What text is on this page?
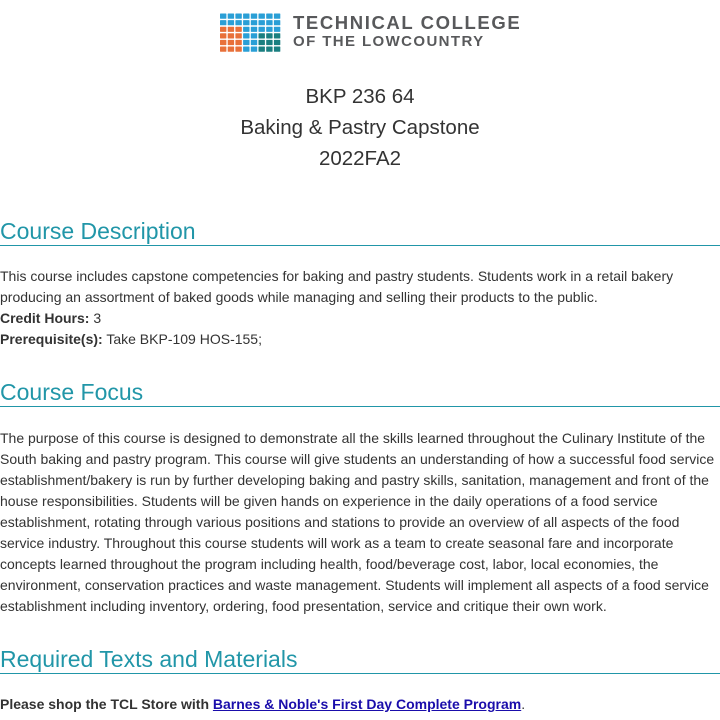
TECHNICAL COLLEGE
OF THE LOWCOUNTRY
BKP 236 64
Baking & Pastry Capstone
2022FA2
Course Description

This course includes capstone competencies for baking and pastry students. Students work in a retail bakery producing an assortment of baked goods while managing and selling their products to the public.

Credit Hours: 3

Prerequisite(s): Take BKP-109 HOS-155;

Course Focus

The purpose of this course is designed to demonstrate all the skills learned throughout the Culinary Institute of the South baking and pastry program. This course will give students an understanding of how a successful food service establishment/bakery is run by further developing baking and pastry skills, sanitation, management and front of the house responsibilities. Students will be given hands on experience in the daily operations of a food service establishment, rotating through various positions and stations to provide an overview of all aspects of the food service industry. Throughout this course students will work as a team to create seasonal fare and incorporate concepts learned throughout the program including health, food/beverage cost, labor, local economies, the environment, conservation practices and waste management. Students will implement all aspects of a food service establishment including inventory, ordering, food presentation, service and critique their own work.

Required Texts and Materials

Please shop the TCL Store with Barnes & Noble's First Day Complete Program.
